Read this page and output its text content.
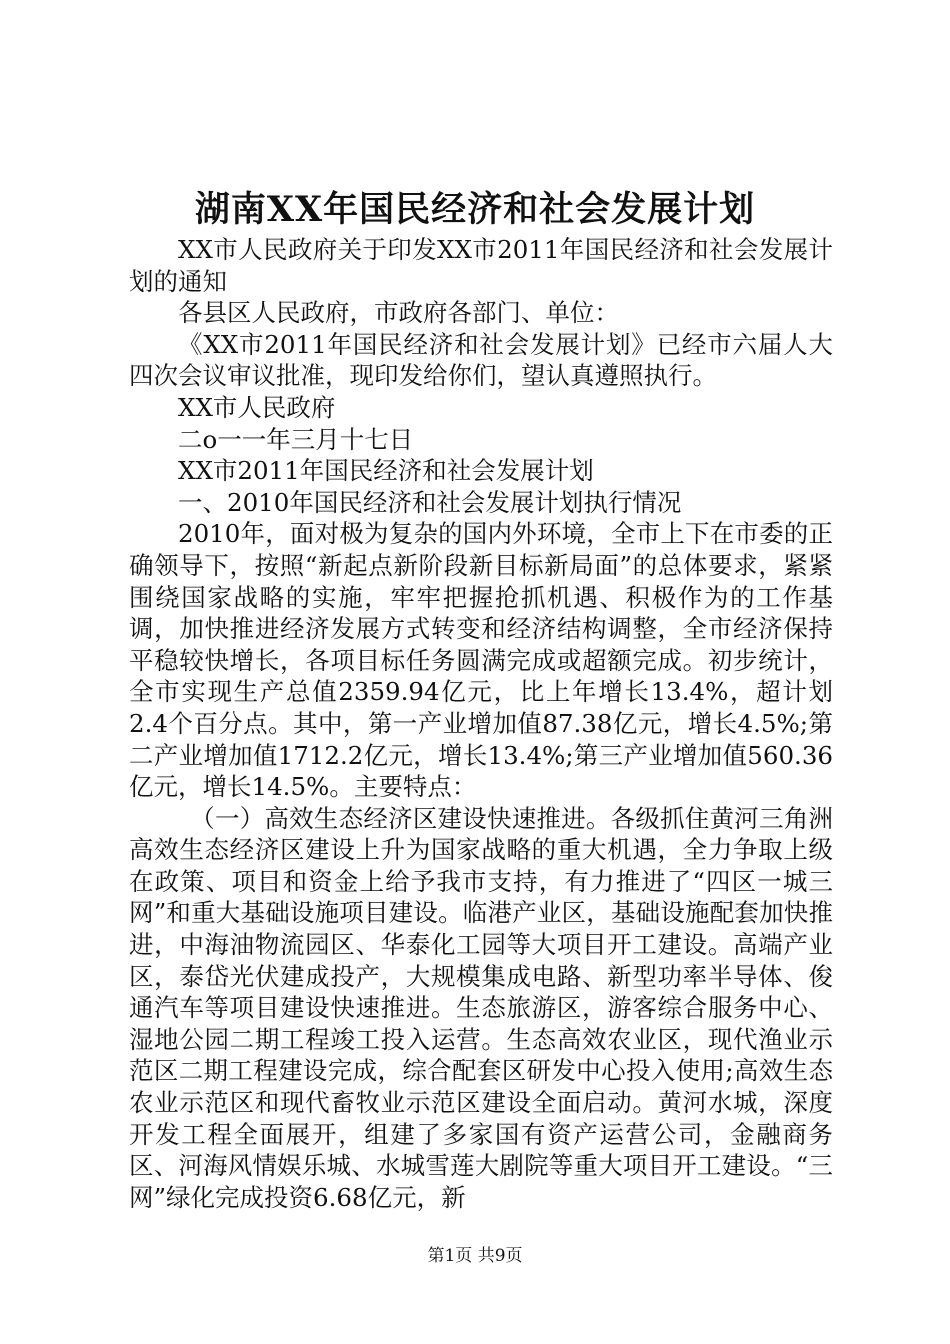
湖南XX年国民经济和社会发展计划

XX市人民政府关于印发XX市2011年国民经济和社会发展计划的通知

各县区人民政府，市政府各部门、单位：

《XX市2011年国民经济和社会发展计划》已经市六届人大四次会议审议批准，现印发给你们，望认真遵照执行。

XX市人民政府

二o一一年三月十七日

XX市2011年国民经济和社会发展计划

一、2010年国民经济和社会发展计划执行情况

2010年，面对极为复杂的国内外环境，全市上下在市委的正确领导下，按照“新起点新阶段新目标新局面”的总体要求，紧紧围绕国家战略的实施，牢牢把握抢抓机遇、积极作为的工作基调，加快推进经济发展方式转变和经济结构调整，全市经济保持平稳较快增长，各项目标任务圆满完成或超额完成。初步统计，全市实现生产总值2359.94亿元，比上年增长13.4%，超计划2.4个百分点。其中，第一产业增加值87.38亿元，增长4.5%;第二产业增加值1712.2亿元，增长13.4%;第三产业增加值560.36亿元，增长14.5%。主要特点：

（一）高效生态经济区建设快速推进。各级抓住黄河三角洲高效生态经济区建设上升为国家战略的重大机遇，全力争取上级在政策、项目和资金上给予我市支持，有力推进了“四区一城三网”和重大基础设施项目建设。临港产业区，基础设施配套加快推进，中海油物流园区、华泰化工园等大项目开工建设。高端产业区，泰岱光伏建成投产，大规模集成电路、新型功率半导体、俊通汽车等项目建设快速推进。生态旅游区，游客综合服务中心、湿地公园二期工程竣工投入运营。生态高效农业区，现代渔业示范区二期工程建设完成，综合配套区研发中心投入使用;高效生态农业示范区和现代畜牧业示范区建设全面启动。黄河水城，深度开发工程全面展开，组建了多家国有资产运营公司，金融商务区、河海风情娱乐城、水城雪莲大剧院等重大项目开工建设。“三网”绿化完成投资6.68亿元，新

第1页 共9页
